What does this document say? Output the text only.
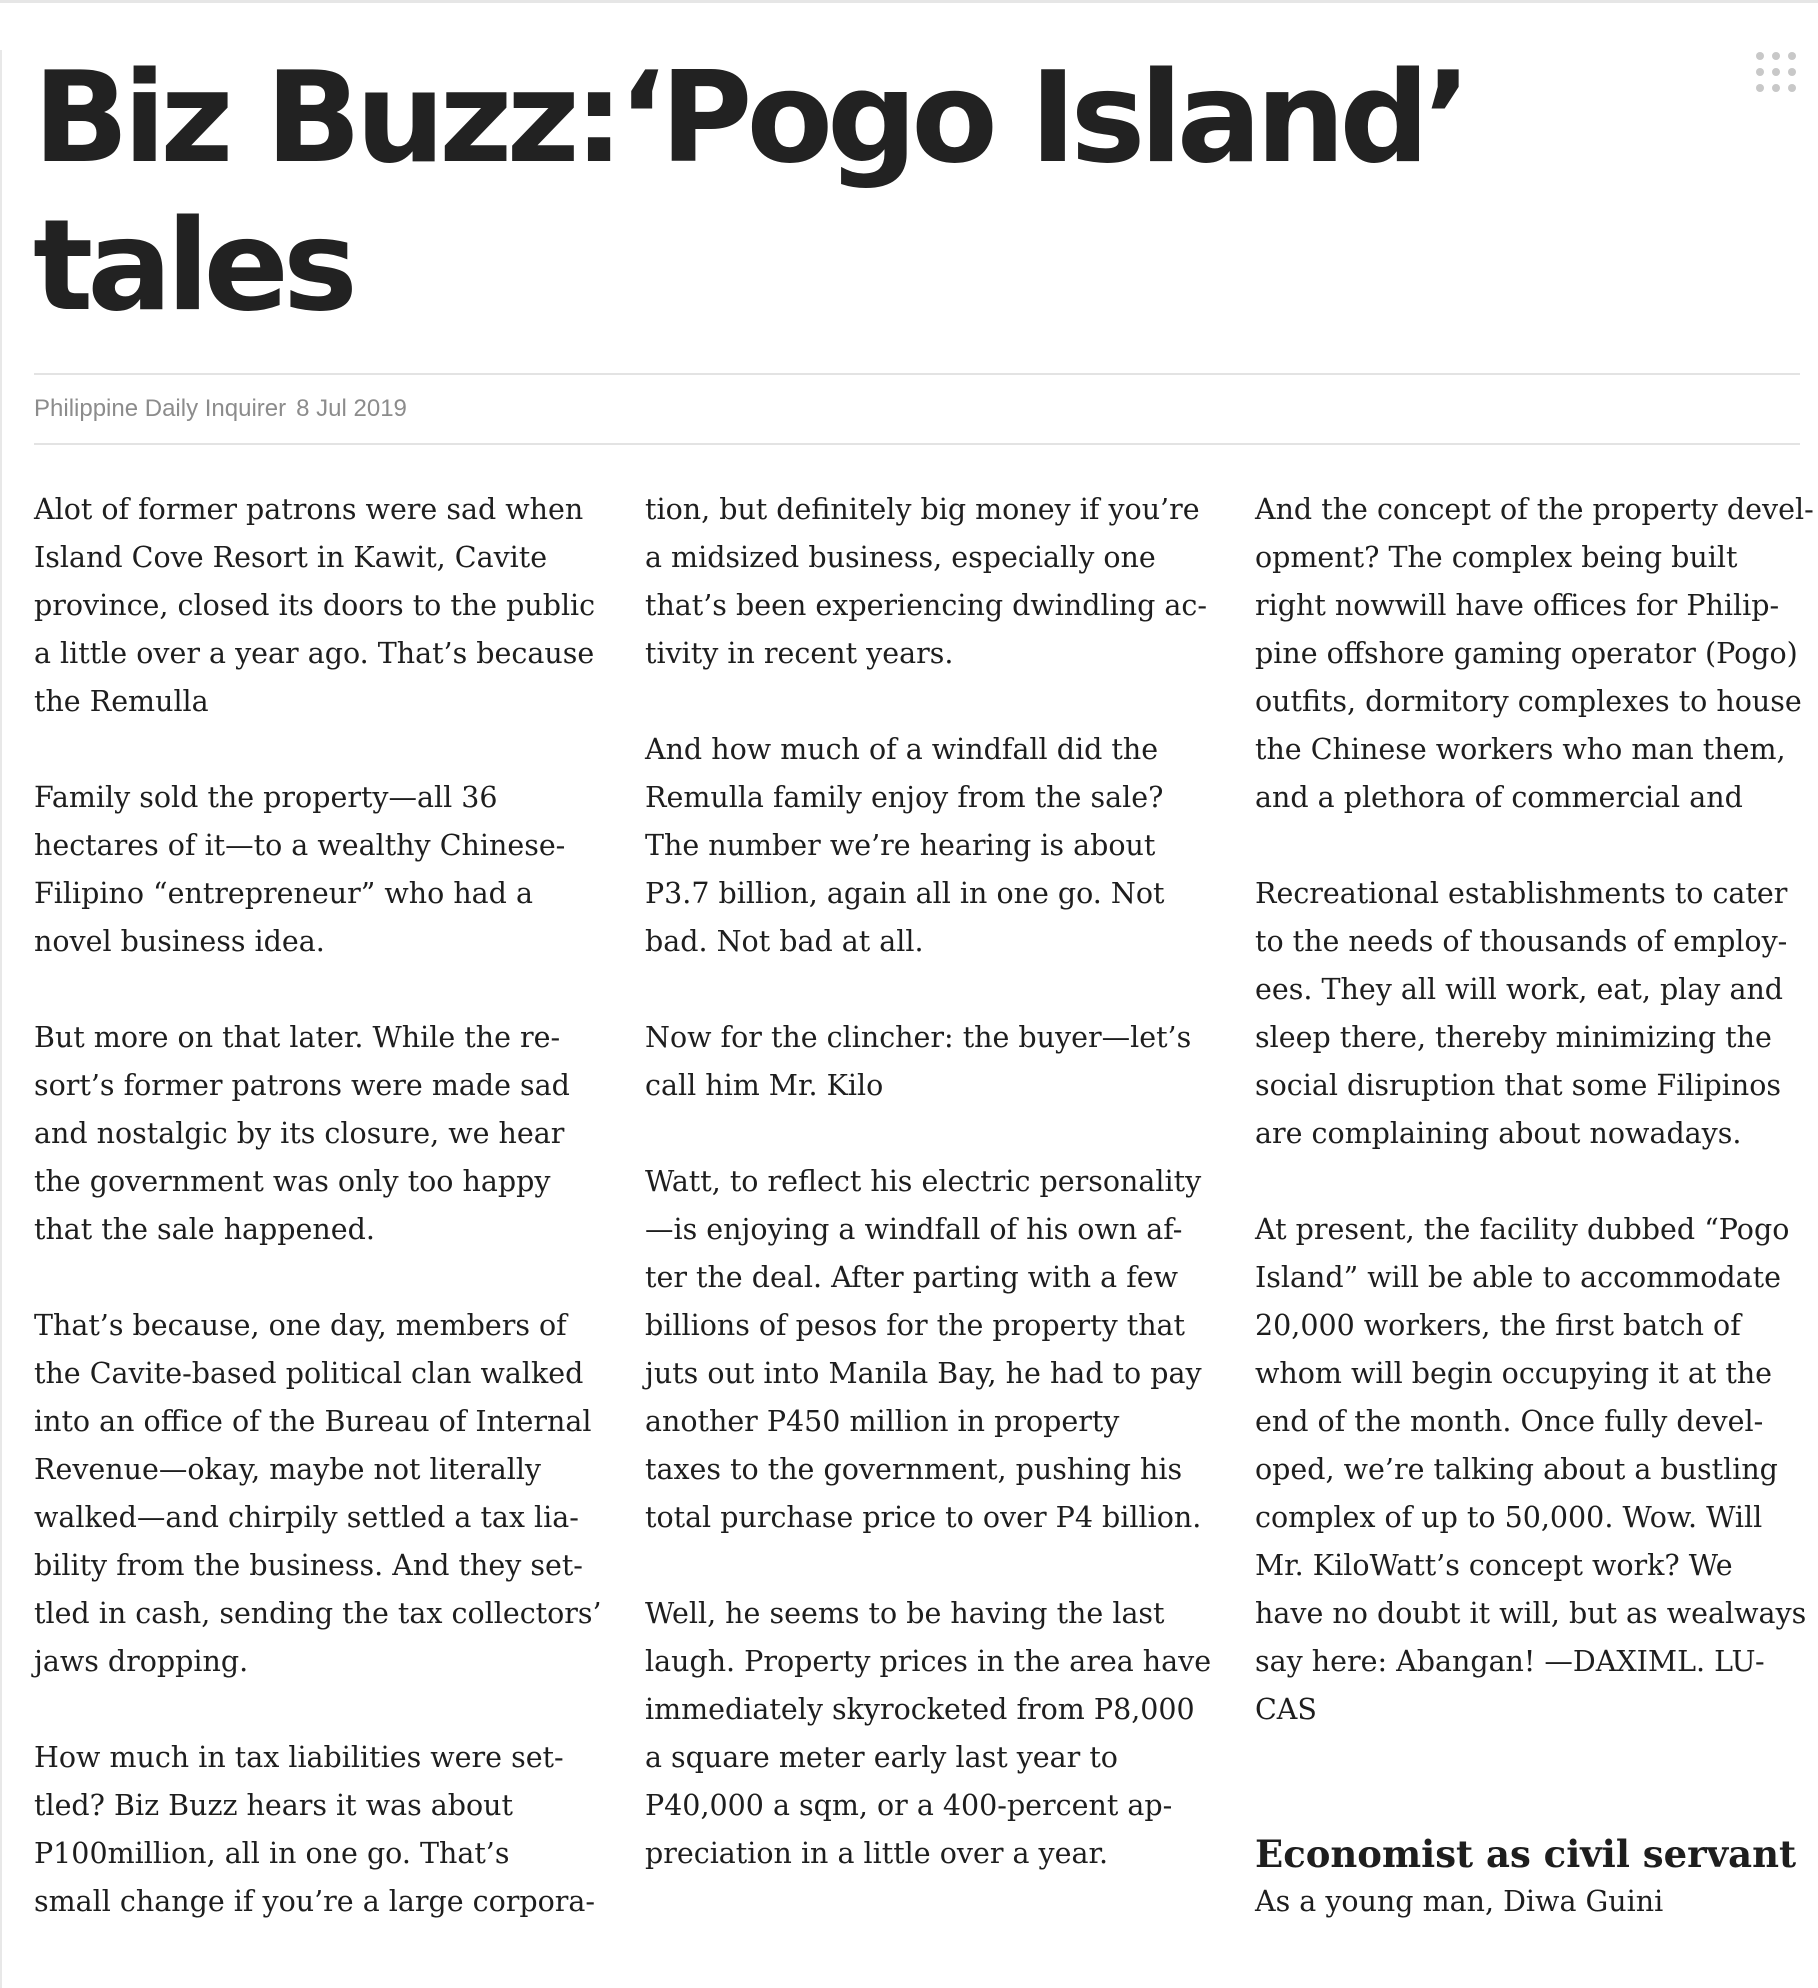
Biz Buzz:‘Pogo Island’ tales
Philippine Daily Inquirer 8 Jul 2019
Alot of former patrons were sad when
Island Cove Resort in Kawit, Cavite
province, closed its doors to the public
a little over a year ago. That’s because
the Remulla
Family sold the property—all 36
hectares of it—to a wealthy Chinese-
Filipino “entrepreneur” who had a
novel business idea.
But more on that later. While the re-
sort’s former patrons were made sad
and nostalgic by its closure, we hear
the government was only too happy
that the sale happened.
That’s because, one day, members of
the Cavite-based political clan walked
into an office of the Bureau of Internal
Revenue—okay, maybe not literally
walked—and chirpily settled a tax lia-
bility from the business. And they set-
tled in cash, sending the tax collectors’
jaws dropping.
How much in tax liabilities were set-
tled? Biz Buzz hears it was about
P100million, all in one go. That’s
small change if you’re a large corpora-
tion, but definitely big money if you’re
a midsized business, especially one
that’s been experiencing dwindling ac-
tivity in recent years.
And how much of a windfall did the
Remulla family enjoy from the sale?
The number we’re hearing is about
P3.7 billion, again all in one go. Not
bad. Not bad at all.
Now for the clincher: the buyer—let’s
call him Mr. Kilo
Watt, to reflect his electric personality
—is enjoying a windfall of his own af-
ter the deal. After parting with a few
billions of pesos for the property that
juts out into Manila Bay, he had to pay
another P450 million in property
taxes to the government, pushing his
total purchase price to over P4 billion.
Well, he seems to be having the last
laugh. Property prices in the area have
immediately skyrocketed from P8,000
a square meter early last year to
P40,000 a sqm, or a 400-percent ap-
preciation in a little over a year.
And the concept of the property devel-
opment? The complex being built
right nowwill have offices for Philip-
pine offshore gaming operator (Pogo)
outfits, dormitory complexes to house
the Chinese workers who man them,
and a plethora of commercial and
Recreational establishments to cater
to the needs of thousands of employ-
ees. They all will work, eat, play and
sleep there, thereby minimizing the
social disruption that some Filipinos
are complaining about nowadays.
At present, the facility dubbed “Pogo
Island” will be able to accommodate
20,000 workers, the first batch of
whom will begin occupying it at the
end of the month. Once fully devel-
oped, we’re talking about a bustling
complex of up to 50,000. Wow. Will
Mr. KiloWatt’s concept work? We
have no doubt it will, but as wealways
say here: Abangan! —DAXIML. LU-
CAS
Economist as civil servant
As a young man, Diwa Guini
